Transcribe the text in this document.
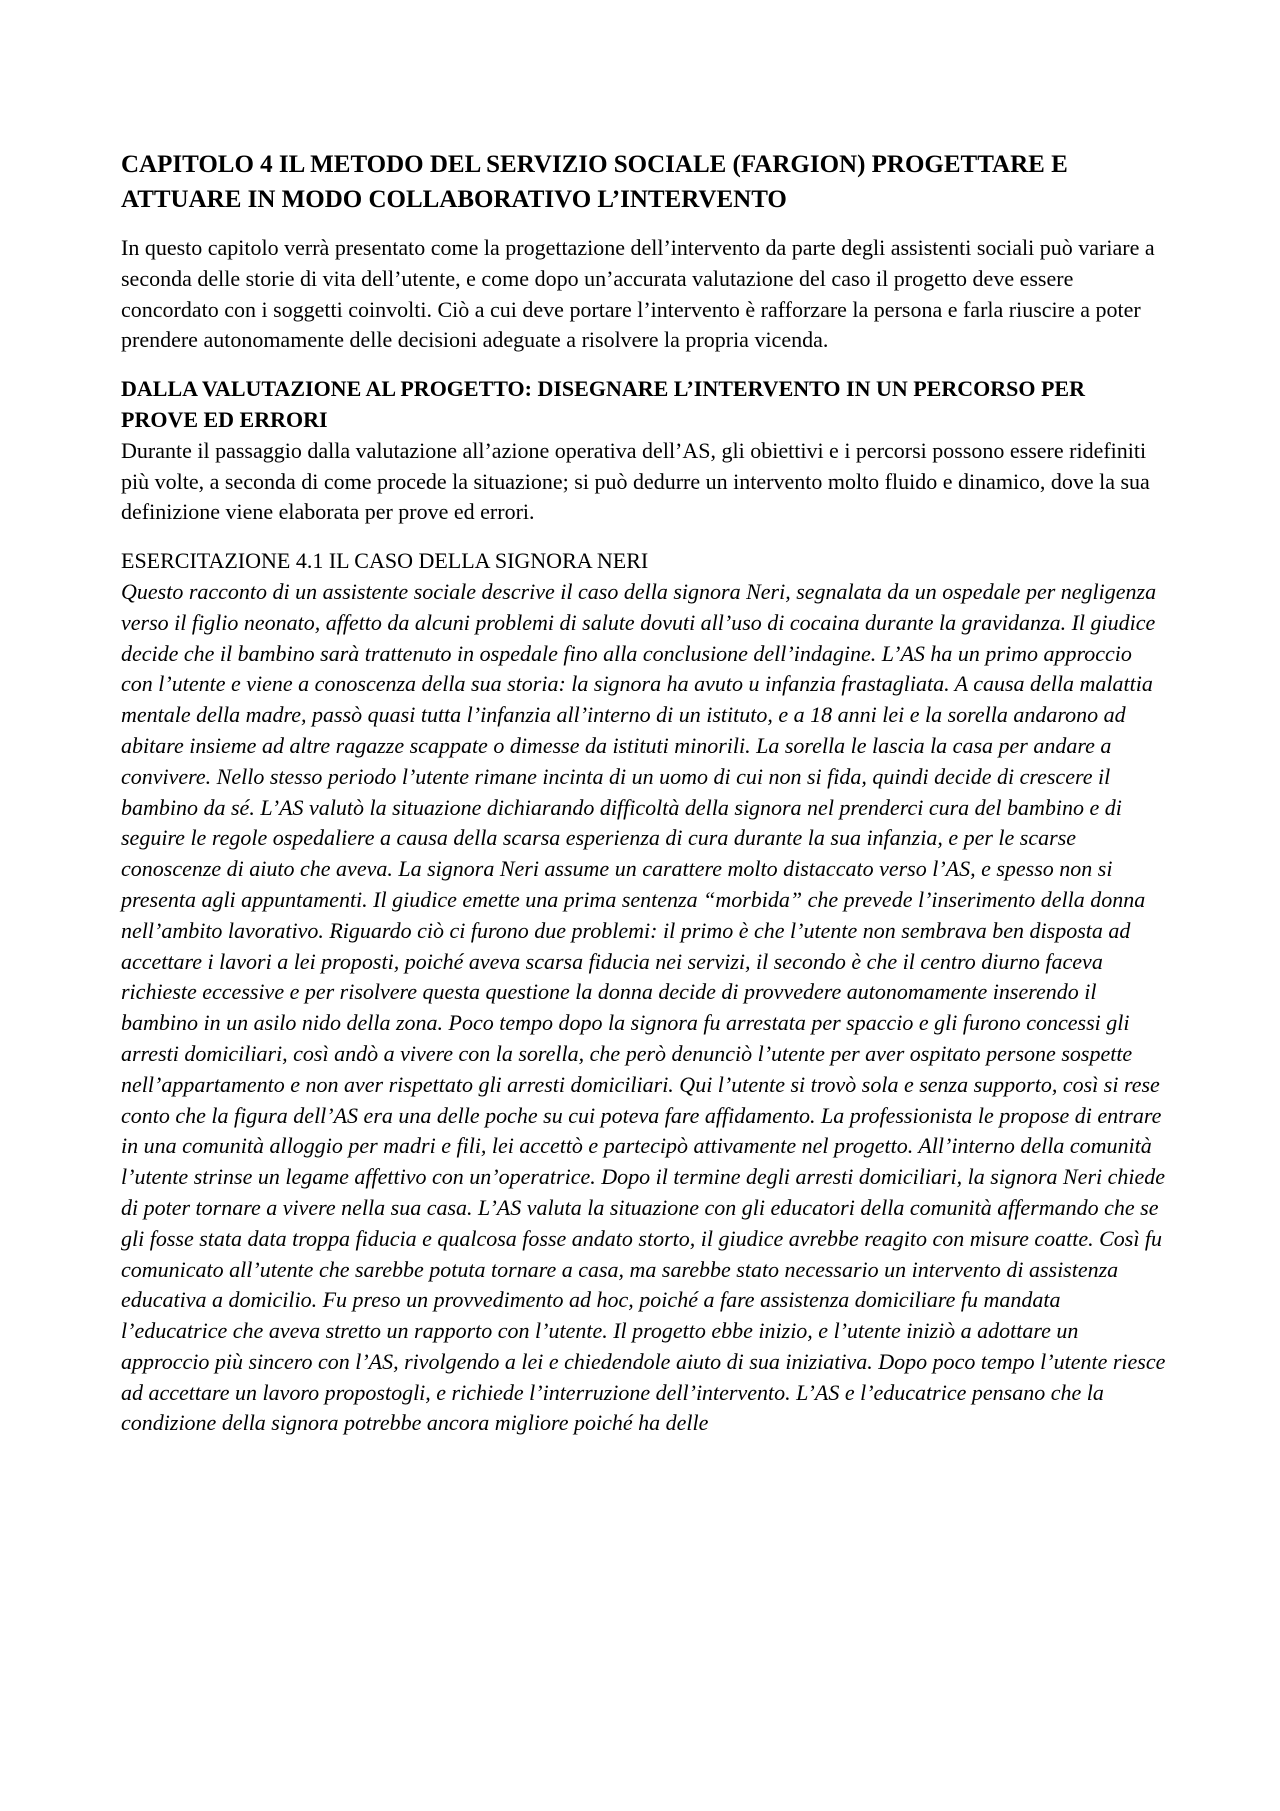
CAPITOLO 4 IL METODO DEL SERVIZIO SOCIALE (FARGION) PROGETTARE E ATTUARE IN MODO COLLABORATIVO L’INTERVENTO

In questo capitolo verrà presentato come la progettazione dell’intervento da parte degli assistenti sociali può variare a seconda delle storie di vita dell’utente, e come dopo un’accurata valutazione del caso il progetto deve essere concordato con i soggetti coinvolti. Ciò a cui deve portare l’intervento è rafforzare la persona e farla riuscire a poter prendere autonomamente delle decisioni adeguate a risolvere la propria vicenda.

DALLA VALUTAZIONE AL PROGETTO: DISEGNARE L’INTERVENTO IN UN PERCORSO PER PROVE ED ERRORI

Durante il passaggio dalla valutazione all’azione operativa dell’AS, gli obiettivi e i percorsi possono essere ridefiniti più volte, a seconda di come procede la situazione; si può dedurre un intervento molto fluido e dinamico, dove la sua definizione viene elaborata per prove ed errori.

ESERCITAZIONE 4.1 IL CASO DELLA SIGNORA NERI

Questo racconto di un assistente sociale descrive il caso della signora Neri, segnalata da un ospedale per negligenza verso il figlio neonato, affetto da alcuni problemi di salute dovuti all’uso di cocaina durante la gravidanza. Il giudice decide che il bambino sarà trattenuto in ospedale fino alla conclusione dell’indagine. L’AS ha un primo approccio con l’utente e viene a conoscenza della sua storia: la signora ha avuto u infanzia frastagliata. A causa della malattia mentale della madre, passò quasi tutta l’infanzia all’interno di un istituto, e a 18 anni lei e la sorella andarono ad abitare insieme ad altre ragazze scappate o dimesse da istituti minorili. La sorella le lascia la casa per andare a convivere. Nello stesso periodo l’utente rimane incinta di un uomo di cui non si fida, quindi decide di crescere il bambino da sé. L’AS valutò la situazione dichiarando difficoltà della signora nel prenderci cura del bambino e di seguire le regole ospedaliere a causa della scarsa esperienza di cura durante la sua infanzia, e per le scarse conoscenze di aiuto che aveva. La signora Neri assume un carattere molto distaccato verso l’AS, e spesso non si presenta agli appuntamenti. Il giudice emette una prima sentenza “morbida” che prevede l’inserimento della donna nell’ambito lavorativo. Riguardo ciò ci furono due problemi: il primo è che l’utente non sembrava ben disposta ad accettare i lavori a lei proposti, poiché aveva scarsa fiducia nei servizi, il secondo è che il centro diurno faceva richieste eccessive e per risolvere questa questione la donna decide di provvedere autonomamente inserendo il bambino in un asilo nido della zona. Poco tempo dopo la signora fu arrestata per spaccio e gli furono concessi gli arresti domiciliari, così andò a vivere con la sorella, che però denunciò l’utente per aver ospitato persone sospette nell’appartamento e non aver rispettato gli arresti domiciliari. Qui l’utente si trovò sola e senza supporto, così si rese conto che la figura dell’AS era una delle poche su cui poteva fare affidamento. La professionista le propose di entrare in una comunità alloggio per madri e fili, lei accettò e partecipò attivamente nel progetto. All’interno della comunità l’utente strinse un legame affettivo con un’operatrice. Dopo il termine degli arresti domiciliari, la signora Neri chiede di poter tornare a vivere nella sua casa. L’AS valuta la situazione con gli educatori della comunità affermando che se gli fosse stata data troppa fiducia e qualcosa fosse andato storto, il giudice avrebbe reagito con misure coatte. Così fu comunicato all’utente che sarebbe potuta tornare a casa, ma sarebbe stato necessario un intervento di assistenza educativa a domicilio. Fu preso un provvedimento ad hoc, poiché a fare assistenza domiciliare fu mandata l’educatrice che aveva stretto un rapporto con l’utente. Il progetto ebbe inizio, e l’utente iniziò a adottare un approccio più sincero con l’AS, rivolgendo a lei e chiedendole aiuto di sua iniziativa. Dopo poco tempo l’utente riesce ad accettare un lavoro propostogli, e richiede l’interruzione dell’intervento. L’AS e l’educatrice pensano che la condizione della signora potrebbe ancora migliore poiché ha delle
